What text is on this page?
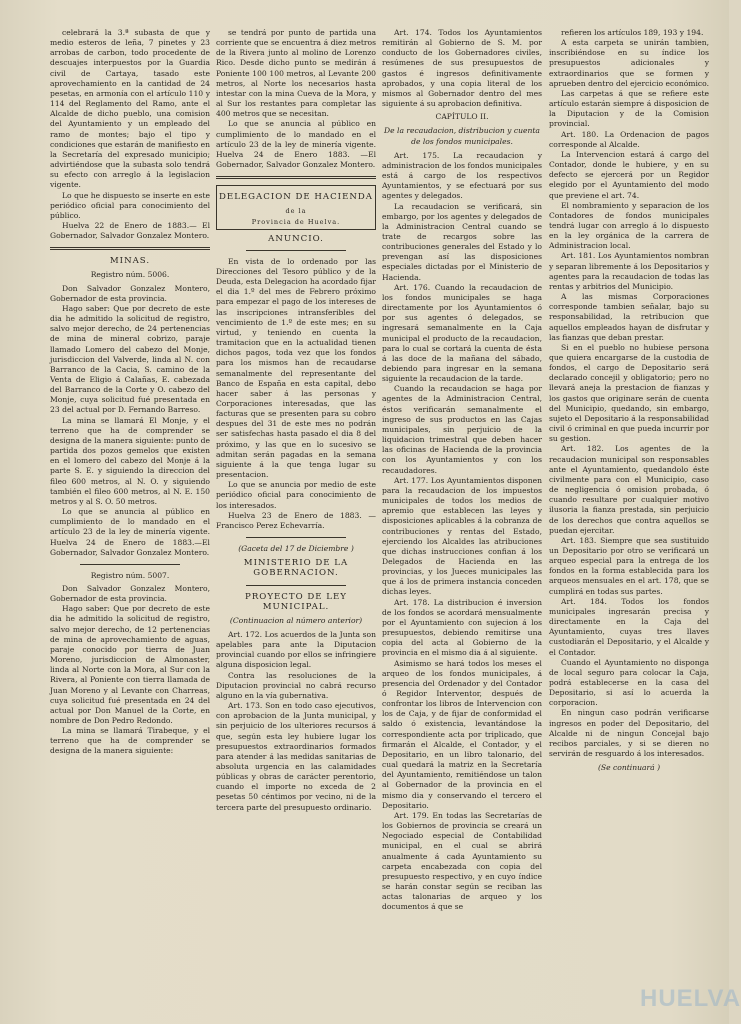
celebrará la 3.ª subasta de que y medio esteros de leña, 7 pinetes y 23 arrobas de carbon, todo procedente de descuajes interpuestos por la Guardia civil de Cartaya, tasado este aprovechamiento en la cantidad de 24 pesetas, en armonía con el artículo 110 y 114 del Reglamento del Ramo, ante el Alcalde de dicho pueblo, una comision del Ayuntamiento y un empleado del ramo de montes; bajo el tipo y condiciones que estarán de manifiesto en la Secretaría del expresado municipio; advirtiéndose que la subasta solo tendrá su efecto con arreglo á la legislacion vigente.

Lo que he dispuesto se inserte en este periódico oficial para conocimiento del público.

Huelva 22 de Enero de 1883.— El Gobernador, Salvador Gonzalez Montero.

MINAS.
Registro núm. 5006.

Don Salvador Gonzalez Montero, Gobernador de esta provincia.

Hago saber: Que por decreto de este dia he admitido la solicitud de registro, salvo mejor derecho, de 24 pertenencias de mina de mineral cobrizo, paraje llamado Lomero del cabezo del Monje, jurisdiccion del Valverde, linda al N. con Barranco de la Cacia, S. camino de la Venta de Eligio á Calañas, E. cabezada del Barranco de la Corte y O. cabezo del Monje, cuya solicitud fué presentada en 23 del actual por D. Fernando Barreso.

La mina se llamará El Monje, y el terreno que ha de comprender se designa de la manera siguiente: punto de partida dos pozos gemelos que existen en el lomero del cabezo del Monje á la parte S. E. y siguiendo la direccion del fileo 600 metros, al N. O. y siguiendo también el fileo 600 metros, al N. E. 150 metros y al S. O. 50 metros.

Lo que se anuncia al público en cumplimiento de lo mandado en el artículo 23 de la ley de minería vigente. Huelva 24 de Enero de 1883.—El Gobernador, Salvador Gonzalez Montero.

Registro núm. 5007.

Don Salvador Gonzalez Montero, Gobernador de esta provincia.

Hago saber: Que por decreto de este dia he admitido la solicitud de registro, salvo mejor derecho, de 12 pertenencias de mina de aprovechamiento de aguas, paraje conocido por tierra de Juan Moreno, jurisdiccion de Almonaster, linda al Norte con la Mora, al Sur con la Rivera, al Poniente con tierra llamada de Juan Moreno y al Levante con Charreas, cuya solicitud fué presentada en 24 del actual por Don Manuel de la Corte, en nombre de Don Pedro Redondo.

La mina se llamará Tirabeque, y el terreno que ha de comprender se designa de la manera siguiente:

se tendrá por punto de partida una corriente que se encuentra á diez metros de la Rivera junto al molino de Lorenzo Rico. Desde dicho punto se medirán á Poniente 100 100 metros, al Levante 200 metros, al Norte los necesarios hasta intestar con la mina Cueva de la Mora, y al Sur los restantes para completar las 400 metros que se necesitan.

Lo que se anuncia al público en cumplimiento de lo mandado en el artículo 23 de la ley de minería vigente. Huelva 24 de Enero 1883. —El Gobernador, Salvador Gonzalez Montero.

DELEGACION DE HACIENDA
de la
Provincia de Huelva.
ANUNCIO.

En vista de lo ordenado por las Direcciones del Tesoro público y de la Deuda, esta Delegacion ha acordado fijar el dia 1.º del mes de Febrero próximo para empezar el pago de los intereses de las inscripciones intransferibles del vencimiento de 1.º de este mes; en su virtud, y teniendo en cuenta la tramitacion que en la actualidad tienen dichos pagos, toda vez que los fondos para los mismos han de recaudarse semanalmente del representante del Banco de España en esta capital, debo hacer saber á las personas y Corporaciones interesadas, que las facturas que se presenten para su cobro despues del 31 de este mes no podrán ser satisfechas hasta pasado el dia 8 del próximo, y las que en lo sucesivo se admitan serán pagadas en la semana siguiente á la que tenga lugar su presentacion.

Lo que se anuncia por medio de este periódico oficial para conocimiento de los interesados.

Huelva 23 de Enero de 1883. — Francisco Perez Echevarría.

(Gaceta del 17 de Diciembre )
MINISTERIO DE LA GOBERNACION.
PROYECTO DE LEY MUNICIPAL.
(Continuacion al número anterior)

Art. 172. Los acuerdos de la Junta son apelables para ante la Diputacion provincial cuando por ellos se infringiere alguna disposicion legal.

Contra las resoluciones de la Diputacion provincial no cabrá recurso alguno en la vía gubernativa.

Art. 173. Son en todo caso ejecutivos, con aprobacion de la Junta municipal, y sin perjuicio de los ulteriores recursos á que, según esta ley hubiere lugar los presupuestos extraordinarios formados para atender á las medidas sanitarias de absoluta urgencia en las calamidades públicas y obras de carácter perentorio, cuando el importe no exceda de 2 pesetas 50 céntimos por vecino, ni de la tercera parte del presupuesto ordinario.

Art. 174. Todos los Ayuntamientos remitirán al Gobierno de S. M. por conducto de los Gobernadores civiles, resúmenes de sus presupuestos de gastos é ingresos definitivamente aprobados, y una copia literal de los mismos al Gobernador dentro del mes siguiente á su aprobacion definitiva.

CAPÍTULO II.
De la recaudacion, distribucion y cuenta de los fondos municipales.

Art. 175. La recaudacion y administracion de los fondos municipales está á cargo de los respectivos Ayuntamientos, y se efectuará por sus agentes y delegados.

La recaudacion se verificará, sin embargo, por los agentes y delegados de la Administracion Central cuando se trate de recargos sobre las contribuciones generales del Estado y lo prevengan así las disposiciones especiales dictadas por el Ministerio de Hacienda.

Art. 176. Cuando la recaudacion de los fondos municipales se haga directamente por los Ayuntamientos ó por sus agentes ó delegados, se ingresará semanalmente en la Caja municipal el producto de la recaudacion, para lo cual se cortará la cuenta de ésta á las doce de la mañana del sábado, debiendo para ingresar en la semana siguiente la recaudacion de la tarde.

Cuando la recaudacion se haga por agentes de la Administracion Central, éstos verificarán semanalmente el ingreso de sus productos en las Cajas municipales, sin perjuicio de la liquidacion trimestral que deben hacer las oficinas de Hacienda de la provincia con los Ayuntamientos y con los recaudadores.

Art. 177. Los Ayuntamientos disponen para la recaudacion de los impuestos municipales de todos los medios de apremio que establecen las leyes y disposiciones aplicables á la cobranza de contribuciones y rentas del Estado, ejerciendo los Alcaldes las atribuciones que dichas instrucciones confian á los Delegados de Hacienda en las provincias, y los Jueces municipales las que á los de primera instancia conceden dichas leyes.

Art. 178. La distribucion é inversion de los fondos se acordará mensualmente por el Ayuntamiento con sujecion á los presupuestos, debiendo remitirse una copia del acta al Gobierno de la provincia en el mismo dia á al siguiente.

Asimismo se hará todos los meses el arqueo de los fondos municipales, á presencia del Ordenador y del Contador ó Regidor Interventor, después de confrontar los libros de Intervencion con los de Caja, y de fijar de conformidad el saldo ó existencia, levantándose la correspondiente acta por triplicado, que firmarán el Alcalde, el Contador, y el Depositario, en un libro talonario, del cual quedará la matriz en la Secretaría del Ayuntamiento, remitiéndose un talon al Gobernador de la provincia en el mismo dia y conservando el tercero el Depositario.

Art. 179. En todas las Secretarías de los Gobiernos de provincia se creará un Negociado especial de Contabilidad municipal, en el cual se abrirá anualmente á cada Ayuntamiento su carpeta encabezada con copia del presupuesto respectivo, y en cuyo índice se harán constar según se reciban las actas talonarias de arqueo y los documentos á que se

refieren los artículos 189, 193 y 194.

A esta carpeta se unirán tambien, inscribiéndose en su índice los presupuestos adicionales y extraordinarios que se formen y aprueben dentro del ejercicio económico.

Las carpetas á que se refiere este artículo estarán siempre á disposicion de la Diputacion y de la Comision provincial.

Art. 180. La Ordenacion de pagos corresponde al Alcalde.

La Intervencion estará á cargo del Contador, donde le hubiere, y en su defecto se ejercerá por un Regidor elegido por el Ayuntamiento del modo que previene el art. 74.

El nombramiento y separacion de los Contadores de fondos municipales tendrá lugar con arreglo á lo dispuesto en la ley orgánica de la carrera de Administracion local.

Art. 181. Los Ayuntamientos nombran y separan libremente á los Depositarios y agentes para la recaudacion de todas las rentas y arbitrios del Municipio.

A las mismas Corporaciones corresponde tambien señalar, bajo su responsabilidad, la retribucion que aquellos empleados hayan de disfrutar y las fianzas que deban prestar.

Si en el pueblo no hubiese persona que quiera encargarse de la custodia de fondos, el cargo de Depositario será declarado concejil y obligatorio; pero no llevará aneja la prestacion de fianzas y los gastos que originare serán de cuenta del Municipio, quedando, sin embargo, sujeto el Depositario á la responsabilidad civil ó criminal en que pueda incurrir por su gestion.

Art. 182. Los agentes de la recaudacion municipal son responsables ante el Ayuntamiento, quedandolo éste civilmente para con el Municipio, caso de negligencia ó omision probada, ó cuando resultare por cualquier motivo ilusoria la fianza prestada, sin perjuicio de los derechos que contra aquellos se puedan ejercitar.

Art. 183. Siempre que sea sustituido un Depositario por otro se verificará un arqueo especial para la entrega de los fondos en la forma establecida para los arqueos mensuales en el art. 178, que se cumplirá en todas sus partes.

Art. 184. Todos los fondos municipales ingresarán precisa y directamente en la Caja del Ayuntamiento, cuyas tres llaves custodiarán el Depositario, y el Alcalde y el Contador.

Cuando el Ayuntamiento no disponga de local seguro para colocar la Caja, podrá establecerse en la casa del Depositario, si así lo acuerda la corporacion.

En ningun caso podrán verificarse ingresos en poder del Depositario, del Alcalde ni de ningun Concejal bajo recibos parciales, y si se dieren no servirán de resguardo á los interesados.

(Se continuará )
HUELVA
